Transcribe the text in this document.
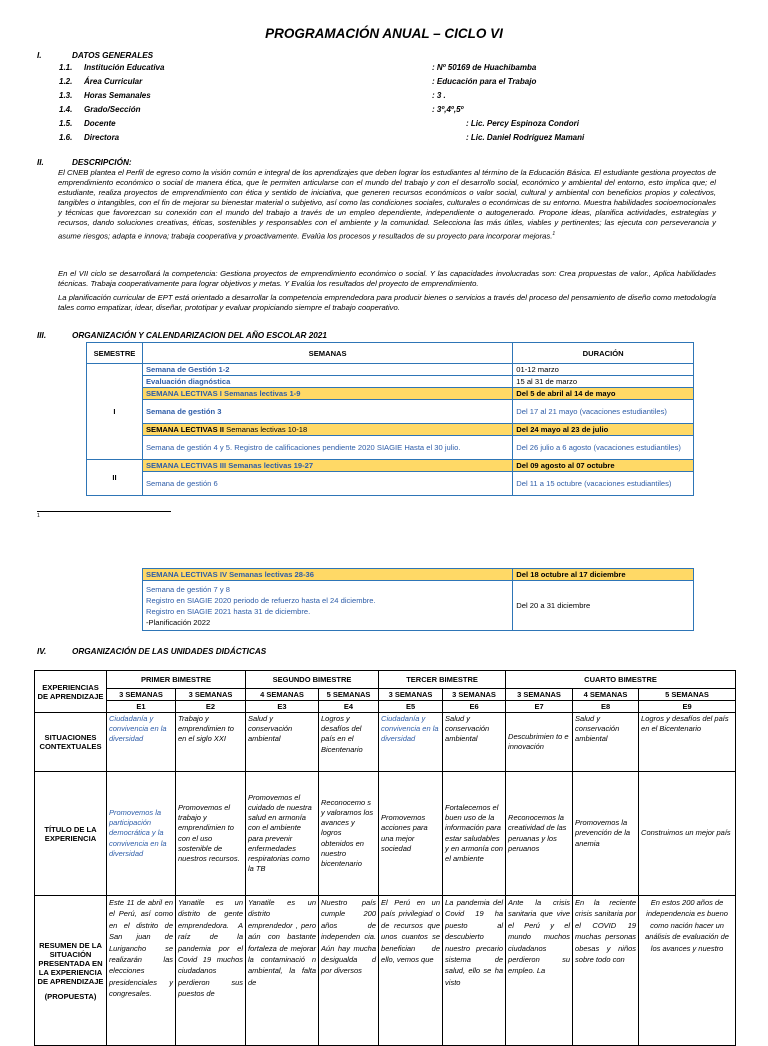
PROGRAMACIÓN ANUAL – CICLO VI
I.	DATOS GENERALES
1.1. Institución Educativa	: Nº 50169 de Huachibamba
1.2. Área Curricular	: Educación para el Trabajo
1.3. Horas Semanales	: 3 .
1.4. Grado/Sección	: 3º,4º,5º
1.5. Docente	: Lic. Percy Espinoza Condori
1.6. Directora	: Lic. Daniel Rodríguez Mamani
II.	DESCRIPCIÓN:
El CNEB plantea el Perfil de egreso como la visión común e integral de los aprendizajes que deben lograr los estudiantes al término de la Educación Básica. El estudiante gestiona proyectos de emprendimiento económico o social de manera ética, que le permiten articularse con el mundo del trabajo y con el desarrollo social, económico y ambiental del entorno, esto implica que; el estudiante, realiza proyectos de emprendimiento con ética y sentido de iniciativa, que generen recursos económicos o valor social, cultural y ambiental con beneficios propios y colectivos, tangibles o intangibles, con el fin de mejorar su bienestar material o subjetivo, así como las condiciones sociales, culturales o económicas de su entorno. Muestra habilidades socioemocionales y técnicas que favorezcan su conexión con el mundo del trabajo a través de un empleo dependiente, independiente o autogenerado. Propone ideas, planifica actividades, estrategias y recursos, dando soluciones creativas, éticas, sostenibles y responsables con el ambiente y la comunidad. Selecciona las más útiles, viables y pertinentes; las ejecuta con perseverancia y asume riesgos; adapta e innova; trabaja cooperativa y proactivamente. Evalúa los procesos y resultados de su proyecto para incorporar mejoras.$^1$
En el VII ciclo se desarrollará la competencia: Gestiona proyectos de emprendimiento económico o social. Y las capacidades involucradas son: Crea propuestas de valor., Aplica habilidades técnicas. Trabaja cooperativamente para lograr objetivos y metas. Y Evalúa los resultados del proyecto de emprendimiento.
La planificación curricular de EPT está orientado a desarrollar la competencia emprendedora para producir bienes o servicios a través del proceso del pensamiento de diseño como metodología tales como empatizar, idear, diseñar, prototipar y evaluar propiciando siempre el trabajo cooperativo.
III.	ORGANIZACIÓN Y CALENDARIZACION DEL AÑO ESCOLAR 2021
SEMESTRE	SEMANAS	DURACIÓN
I	Semana de Gestión 1-2	01-12 marzo
	Evaluación diagnóstica	15 al 31 de marzo
	SEMANA LECTIVAS I Semanas lectivas 1-9	Del 5 de abril al 14 de mayo
	Semana de gestión 3	Del 17 al 21 mayo (vacaciones estudiantiles)
	SEMANA LECTIVAS II Semanas lectivas 10-18	Del 24 mayo al 23 de julio
	Semana de gestión 4 y 5. Registro de calificaciones pendiente 2020 SIAGIE Hasta el 30 julio.	Del 26 julio a 6 agosto (vacaciones estudiantiles)
II	SEMANA LECTIVAS III Semanas lectivas 19-27	Del 09 agosto al 07 octubre
	Semana de gestión 6	Del 11 a 15 octubre (vacaciones estudiantiles)
1
SEMANA LECTIVAS IV Semanas lectivas 28-36	Del 18 octubre al 17 diciembre

Semana de gestión 7 y 8
Registro en SIAGIE 2020 periodo de refuerzo hasta el 24 diciembre.
Registro en SIAGIE 2021 hasta 31 de diciembre.
-Planificación 2022	Del 20 a 31 diciembre
IV.	ORGANIZACIÓN DE LAS UNIDADES DIDÁCTICAS
EXPERIENCIAS DE APRENDIZAJE	PRIMER BIMESTRE		SEGUNDO BIMESTRE		TERCER BIMESTRE		CUARTO BIMESTRE		
	3 SEMANAS	3 SEMANAS	4 SEMANAS	5 SEMANAS	3 SEMANAS	3 SEMANAS	3 SEMANAS	4 SEMANAS	5 SEMANAS
	E1	E2	E3	E4	E5	E6	E7	E8	E9
SITUACIONES CONTEXTUALES	Ciudadanía y convivencia en la diversidad	Trabajo y emprendimien to en el siglo XXI	Salud y conservación ambiental	Logros y desafíos del país en el Bicentenario	Ciudadanía y convivencia en la diversidad	Salud y conservación ambiental	Descubrimien to e innovación	Salud y conservación ambiental	Logros y desafíos del país en el Bicentenario
TÍTULO DE LA EXPERIENCIA	Promovemos la participación democrática y la convivencia en la diversidad	Promovemos el trabajo y emprendimien to con el uso sostenible de nuestros recursos.	Promovemos el cuidado de nuestra salud en armonía con el ambiente para prevenir enfermedades respiratorias como la TB	Reconocemo s y valoramos los avances y logros obtenidos en nuestro bicentenario	Promovemos acciones para una mejor sociedad	Fortalecemos el buen uso de la información para estar saludables y en armonía con el ambiente	Reconocemos la creatividad de las peruanas y los peruanos	Promovemos la prevención de la anemia	Construimos un mejor país

RESUMEN DE LA SITUACIÓN PRESENTADA EN LA EXPERIENCIA DE APRENDIZAJE
(PROPUESTA)	Este 11 de abril en el Perú, así como en el distrito de San juan de Lurigancho se realizarán las elecciones presidenciales y congresales.	Yanatile es un distrito de gente emprendedora. A raíz de la pandemia por el Covid 19 muchos ciudadanos perdieron sus puestos de	Yanatile es un distrito emprendedor , pero aún con bastante fortaleza de mejorar la contaminació n ambiental, la falta de	Nuestro país cumple 200 años de independen cia. Aún hay mucha desigualda d por diversos	El Perú en un país privilegiad o de recursos que unos cuantos se benefician de ello, vemos que	La pandemia del Covid 19 ha puesto al descubierto nuestro precario sistema de salud, ello se ha visto	Ante la crisis sanitaria que vive el Perú y el mundo muchos ciudadanos perdieron su empleo. La	En la reciente crisis sanitaria por el COVID 19 muchas personas obesas y niños sobre todo con	En estos 200 años de independencia es bueno como nación hacer un análisis de evaluación de los avances y nuestro
